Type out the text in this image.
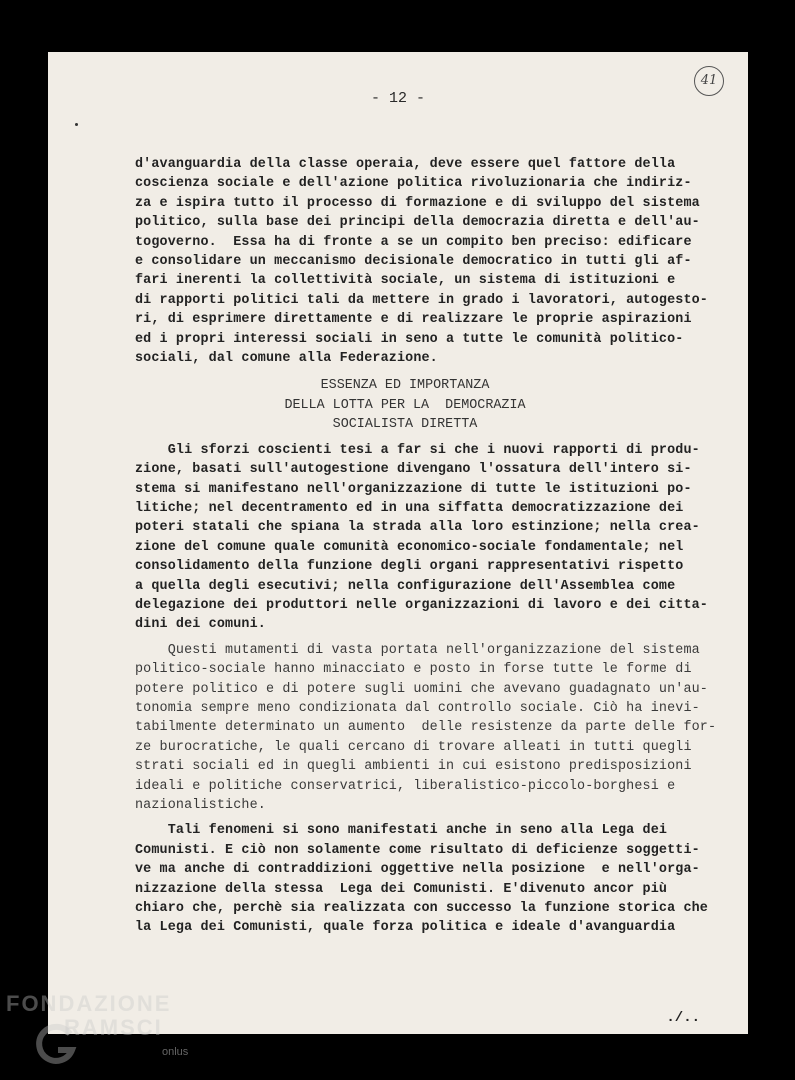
- 12 -
41
d'avanguardia della classe operaia, deve essere quel fattore della
coscienza sociale e dell'azione politica rivoluzionaria che indiriz-
za e ispira tutto il processo di formazione e di sviluppo del sistema
politico, sulla base dei principi della democrazia diretta e dell'au-
togoverno.  Essa ha di fronte a se un compito ben preciso: edificare
e consolidare un meccanismo decisionale democratico in tutti gli af-
fari inerenti la collettività sociale, un sistema di istituzioni e
di rapporti politici tali da mettere in grado i lavoratori, autogesto-
ri, di esprimere direttamente e di realizzare le proprie aspirazioni
ed i propri interessi sociali in seno a tutte le comunità politico-
sociali, dal comune alla Federazione.
ESSENZA ED IMPORTANZA
DELLA LOTTA PER LA  DEMOCRAZIA
SOCIALISTA DIRETTA
Gli sforzi coscienti tesi a far si che i nuovi rapporti di produ-
zione, basati sull'autogestione divengano l'ossatura dell'intero si-
stema si manifestano nell'organizzazione di tutte le istituzioni po-
litiche; nel decentramento ed in una siffatta democratizzazione dei
poteri statali che spiana la strada alla loro estinzione; nella crea-
zione del comune quale comunità economico-sociale fondamentale; nel
consolidamento della funzione degli organi rappresentativi rispetto
a quella degli esecutivi; nella configurazione dell'Assemblea come
delegazione dei produttori nelle organizzazioni di lavoro e dei citta-
dini dei comuni.
Questi mutamenti di vasta portata nell'organizzazione del sistema
politico-sociale hanno minacciato e posto in forse tutte le forme di
potere politico e di potere sugli uomini che avevano guadagnato un'au-
tonomia sempre meno condizionata dal controllo sociale. Ciò ha inevi-
tabilmente determinato un aumento  delle resistenze da parte delle for-
ze burocratiche, le quali cercano di trovare alleati in tutti quegli
strati sociali ed in quegli ambienti in cui esistono predisposizioni
ideali e politiche conservatrici, liberalistico-piccolo-borghesi e
nazionalistiche.
Tali fenomeni si sono manifestati anche in seno alla Lega dei
Comunisti. E ciò non solamente come risultato di deficienze soggetti-
ve ma anche di contraddizioni oggettive nella posizione  e nell'orga-
nizzazione della stessa  Lega dei Comunisti. E'divenuto ancor più
chiaro che, perchè sia realizzata con successo la funzione storica che
la Lega dei Comunisti, quale forza politica e ideale d'avanguardia
./..
FONDAZIONE
RAMSCI
onlus
